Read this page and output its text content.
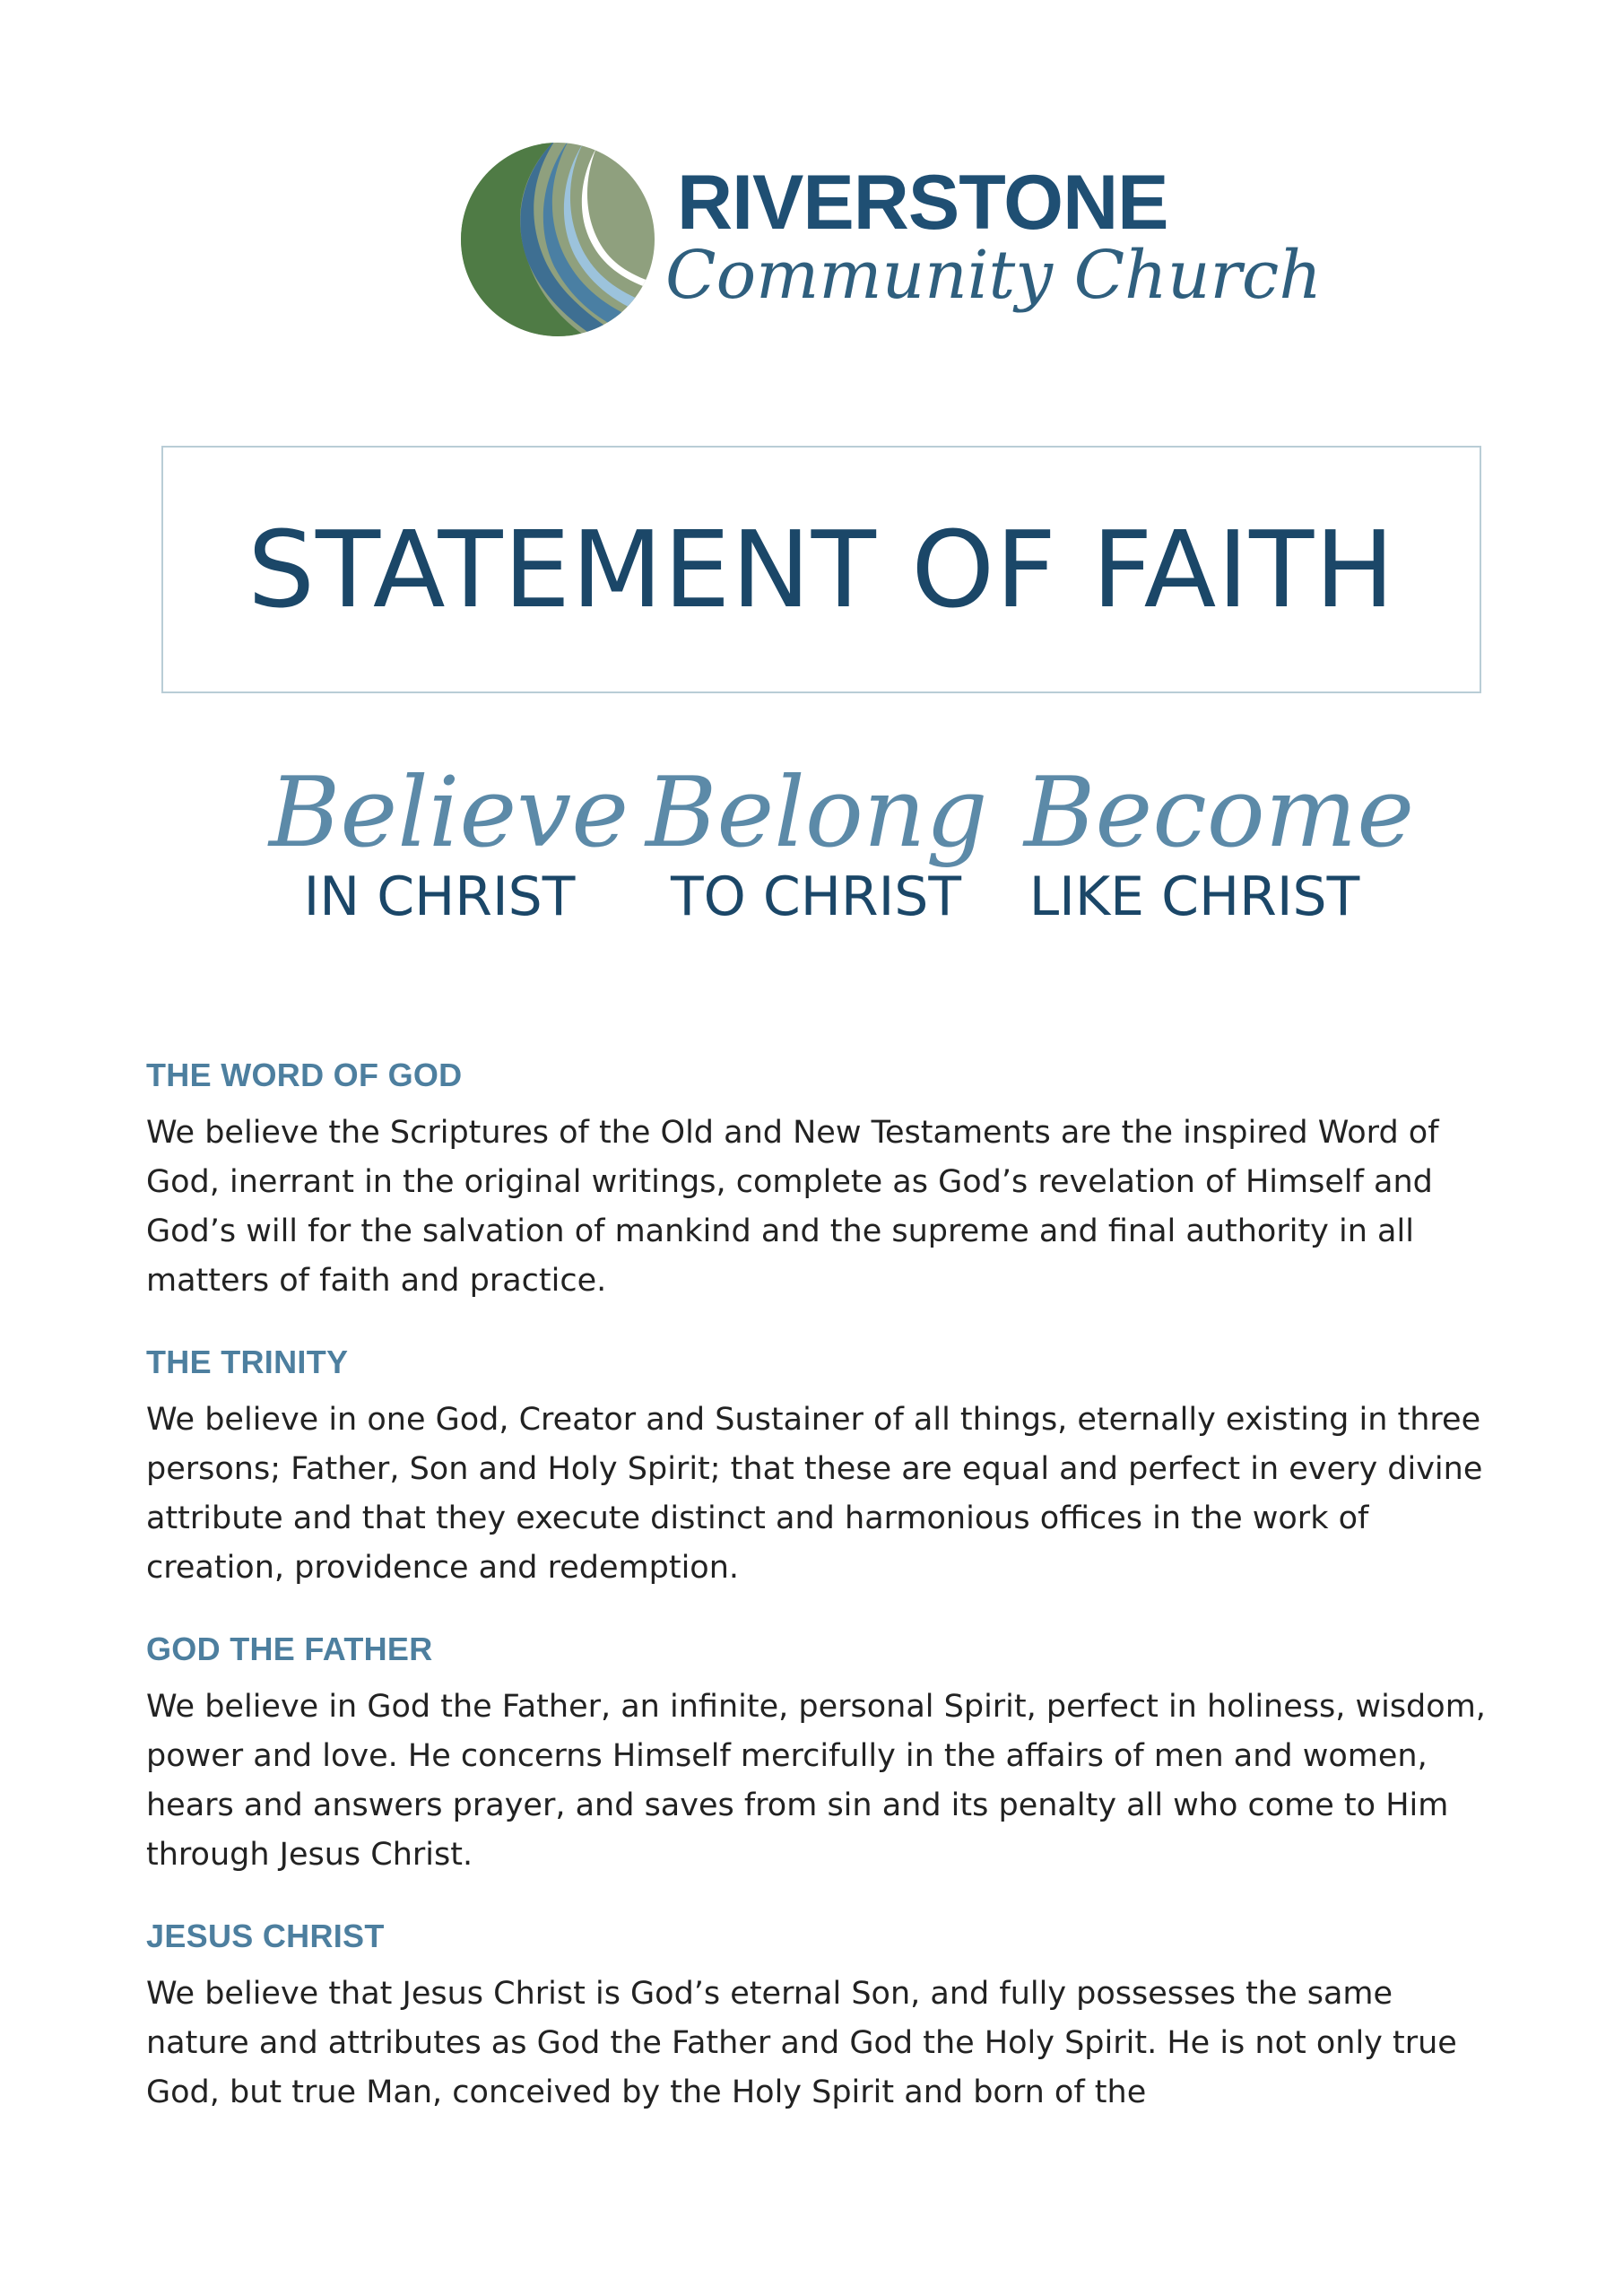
RIVERSTONE
Community Church
STATEMENT OF FAITH
Believe
IN CHRIST
Belong
TO CHRIST
Become
LIKE CHRIST
THE WORD OF GOD

We believe the Scriptures of the Old and New Testaments are the inspired Word of God, inerrant in the original writings, complete as God’s revelation of Himself and God’s will for the salvation of mankind and the supreme and final authority in all matters of faith and practice.

THE TRINITY

We believe in one God, Creator and Sustainer of all things, eternally existing in three persons; Father, Son and Holy Spirit; that these are equal and perfect in every divine attribute and that they execute distinct and harmonious offices in the work of creation, providence and redemption.

GOD THE FATHER

We believe in God the Father, an infinite, personal Spirit, perfect in holiness, wisdom, power and love. He concerns Himself mercifully in the affairs of men and women, hears and answers prayer, and saves from sin and its penalty all who come to Him through Jesus Christ.

JESUS CHRIST

We believe that Jesus Christ is God’s eternal Son, and fully possesses the same nature and attributes as God the Father and God the Holy Spirit. He is not only true God, but true Man, conceived by the Holy Spirit and born of the
